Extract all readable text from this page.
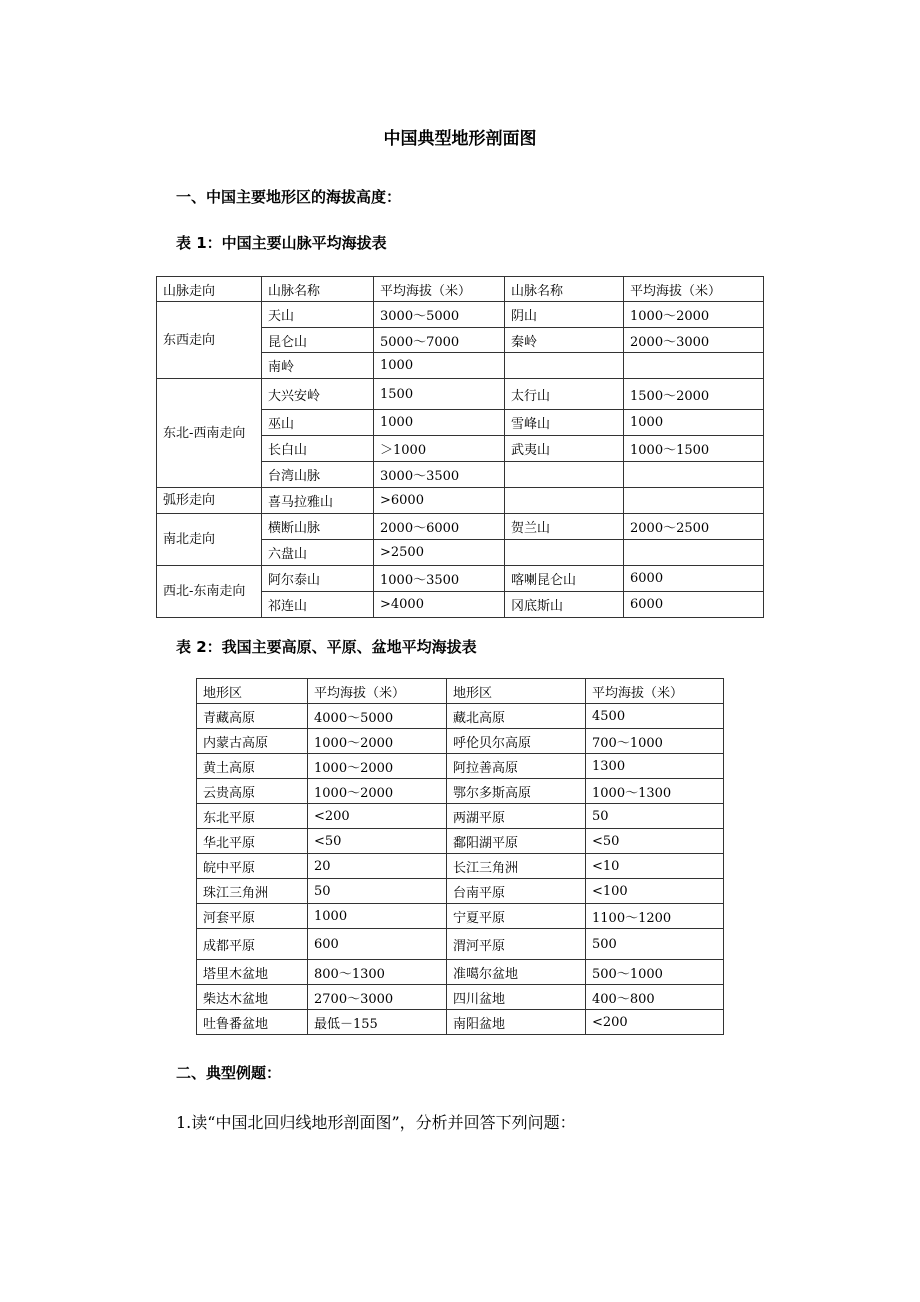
中国典型地形剖面图
一、中国主要地形区的海拔高度：
表 1：中国主要山脉平均海拔表
山脉走向	山脉名称	平均海拔（米）	山脉名称	平均海拔（米）
东西走向	天山	3000～5000	阴山	1000～2000
	昆仑山	5000～7000	秦岭	2000～3000
	南岭	1000		
东北-西南走向	大兴安岭	1500	太行山	1500～2000
	巫山	1000	雪峰山	1000
	长白山	＞1000	武夷山	1000～1500
	台湾山脉	3000～3500		
弧形走向	喜马拉雅山	>6000		
南北走向	横断山脉	2000～6000	贺兰山	2000～2500
	六盘山	>2500		
西北-东南走向	阿尔泰山	1000～3500	喀喇昆仑山	6000
	祁连山	>4000	冈底斯山	6000
表 2：我国主要高原、平原、盆地平均海拔表
地形区	平均海拔（米）	地形区	平均海拔（米）
青藏高原	4000～5000	藏北高原	4500
内蒙古高原	1000～2000	呼伦贝尔高原	700～1000
黄土高原	1000～2000	阿拉善高原	1300
云贵高原	1000～2000	鄂尔多斯高原	1000～1300
东北平原	<200	两湖平原	50
华北平原	<50	鄱阳湖平原	<50
皖中平原	20	长江三角洲	<10
珠江三角洲	50	台南平原	<100
河套平原	1000	宁夏平原	1100～1200
成都平原	600	渭河平原	500
塔里木盆地	800～1300	准噶尔盆地	500～1000
柴达木盆地	2700～3000	四川盆地	400～800
吐鲁番盆地	最低－155	南阳盆地	<200
二、典型例题：
1.读“中国北回归线地形剖面图”，分析并回答下列问题：
